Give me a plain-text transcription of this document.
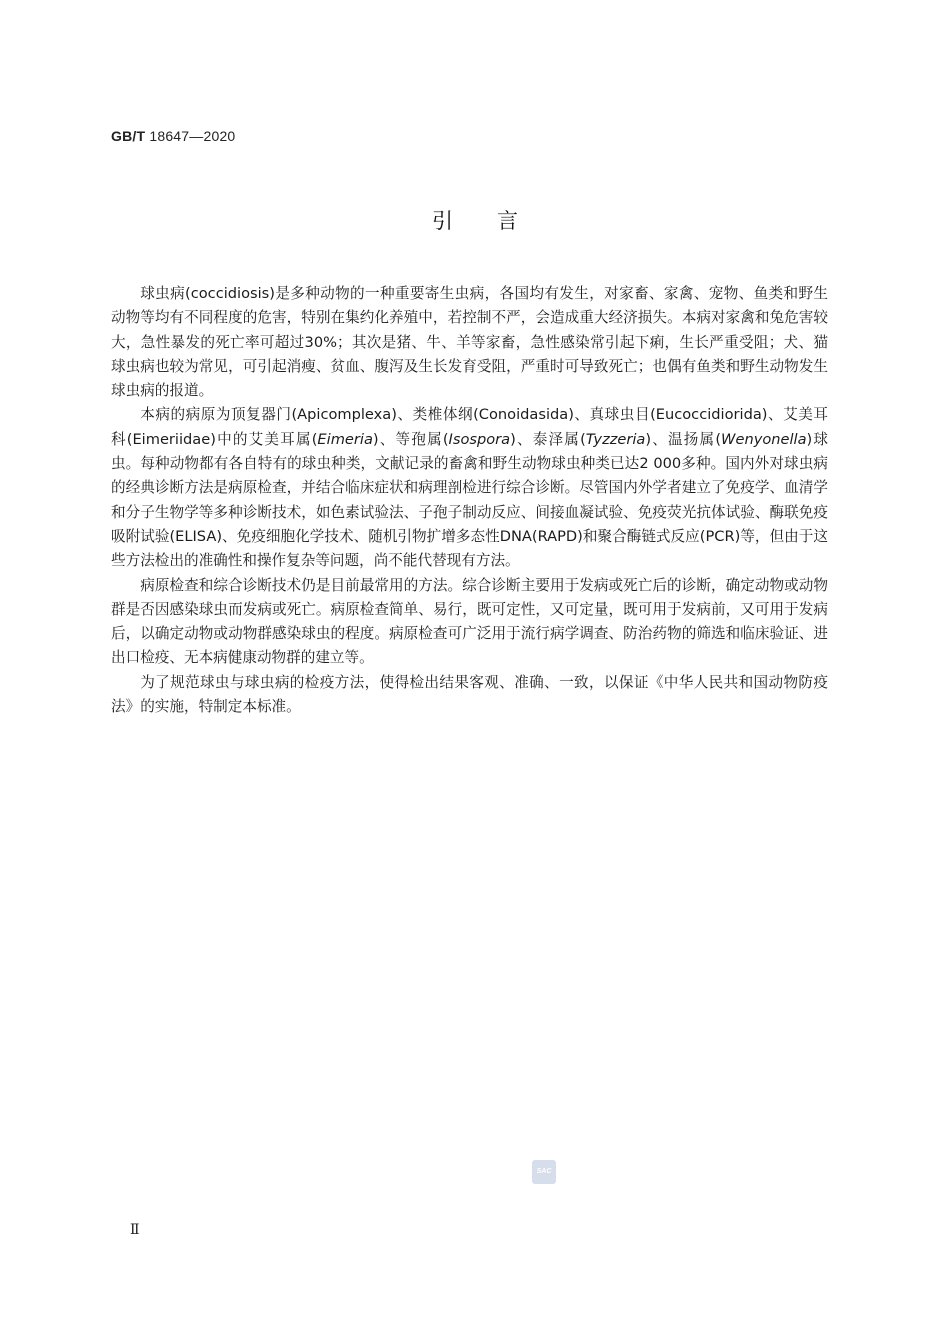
GB/T 18647—2020
引言

球虫病(coccidiosis)是多种动物的一种重要寄生虫病，各国均有发生，对家畜、家禽、宠物、鱼类和野生动物等均有不同程度的危害，特别在集约化养殖中，若控制不严，会造成重大经济损失。本病对家禽和兔危害较大，急性暴发的死亡率可超过30%；其次是猪、牛、羊等家畜，急性感染常引起下痢，生长严重受阻；犬、猫球虫病也较为常见，可引起消瘦、贫血、腹泻及生长发育受阻，严重时可导致死亡；也偶有鱼类和野生动物发生球虫病的报道。

本病的病原为顶复器门(Apicomplexa)、类椎体纲(Conoidasida)、真球虫目(Eucoccidiorida)、艾美耳科(Eimeriidae)中的艾美耳属(Eimeria)、等孢属(Isospora)、泰泽属(Tyzzeria)、温扬属(Wenyonella)球虫。每种动物都有各自特有的球虫种类，文献记录的畜禽和野生动物球虫种类已达2 000多种。国内外对球虫病的经典诊断方法是病原检查，并结合临床症状和病理剖检进行综合诊断。尽管国内外学者建立了免疫学、血清学和分子生物学等多种诊断技术，如色素试验法、子孢子制动反应、间接血凝试验、免疫荧光抗体试验、酶联免疫吸附试验(ELISA)、免疫细胞化学技术、随机引物扩增多态性DNA(RAPD)和聚合酶链式反应(PCR)等，但由于这些方法检出的准确性和操作复杂等问题，尚不能代替现有方法。

病原检查和综合诊断技术仍是目前最常用的方法。综合诊断主要用于发病或死亡后的诊断，确定动物或动物群是否因感染球虫而发病或死亡。病原检查简单、易行，既可定性，又可定量，既可用于发病前，又可用于发病后，以确定动物或动物群感染球虫的程度。病原检查可广泛用于流行病学调查、防治药物的筛选和临床验证、进出口检疫、无本病健康动物群的建立等。

为了规范球虫与球虫病的检疫方法，使得检出结果客观、准确、一致，以保证《中华人民共和国动物防疫法》的实施，特制定本标准。

SAC
Ⅱ
